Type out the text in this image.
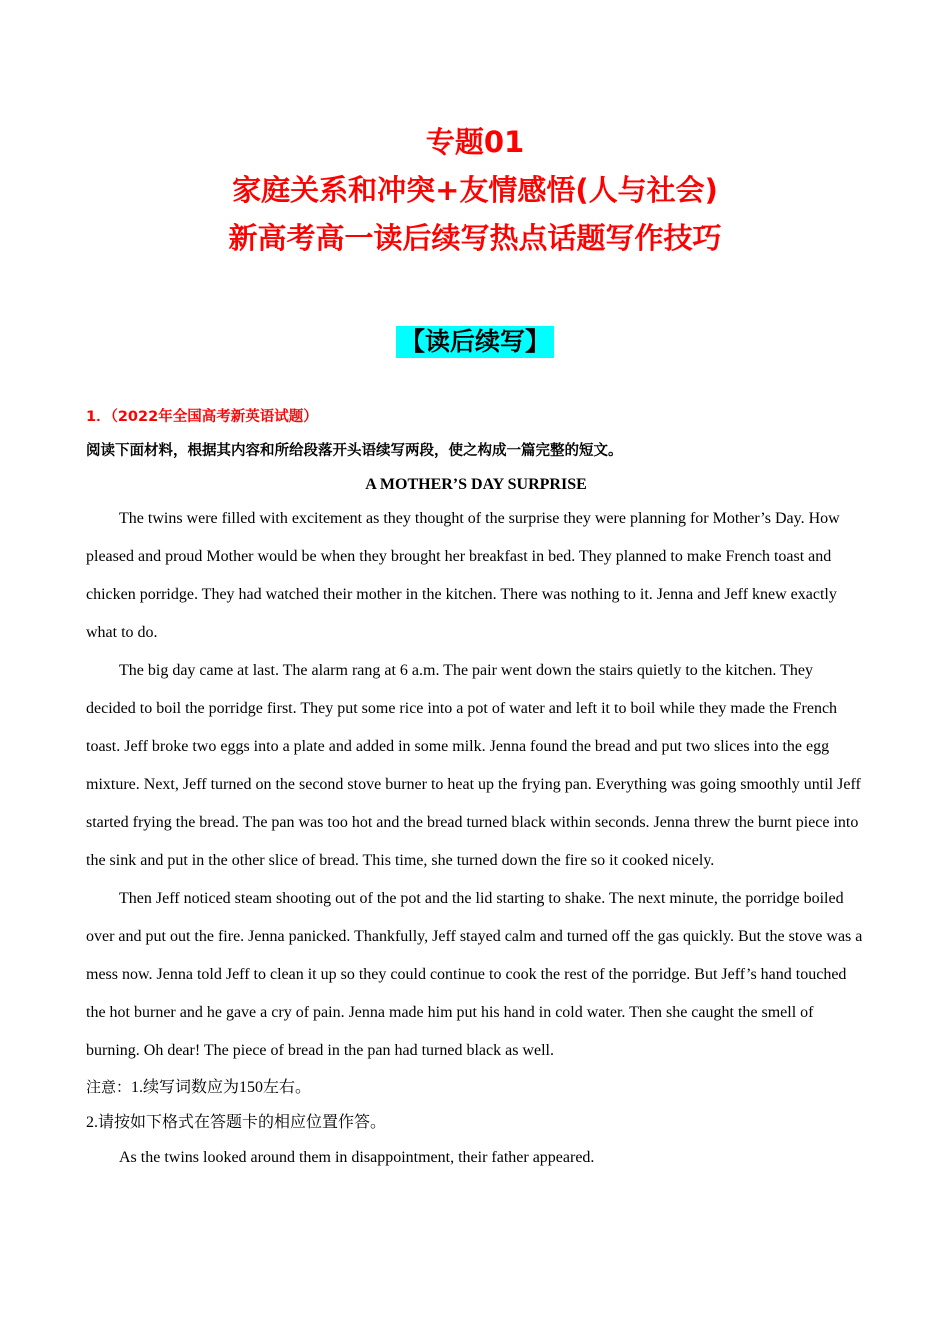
专题01
家庭关系和冲突+友情感悟(人与社会)
新高考高一读后续写热点话题写作技巧
【读后续写】
1．（2022年全国高考新英语试题）
阅读下面材料，根据其内容和所给段落开头语续写两段，使之构成一篇完整的短文。
A MOTHER’S DAY SURPRISE

The twins were filled with excitement as they thought of the surprise they were planning for Mother’s Day. How pleased and proud Mother would be when they brought her breakfast in bed. They planned to make French toast and chicken porridge. They had watched their mother in the kitchen. There was nothing to it. Jenna and Jeff knew exactly what to do.

The big day came at last. The alarm rang at 6 a.m. The pair went down the stairs quietly to the kitchen. They decided to boil the porridge first. They put some rice into a pot of water and left it to boil while they made the French toast. Jeff broke two eggs into a plate and added in some milk. Jenna found the bread and put two slices into the egg mixture. Next, Jeff turned on the second stove burner to heat up the frying pan. Everything was going smoothly until Jeff started frying the bread. The pan was too hot and the bread turned black within seconds. Jenna threw the burnt piece into the sink and put in the other slice of bread. This time, she turned down the fire so it cooked nicely.

Then Jeff noticed steam shooting out of the pot and the lid starting to shake. The next minute, the porridge boiled over and put out the fire. Jenna panicked. Thankfully, Jeff stayed calm and turned off the gas quickly. But the stove was a mess now. Jenna told Jeff to clean it up so they could continue to cook the rest of the porridge. But Jeff’s hand touched the hot burner and he gave a cry of pain. Jenna made him put his hand in cold water. Then she caught the smell of burning. Oh dear! The piece of bread in the pan had turned black as well.

注意：1.续写词数应为150左右。
2.请按如下格式在答题卡的相应位置作答。
As the twins looked around them in disappointment, their father appeared.
